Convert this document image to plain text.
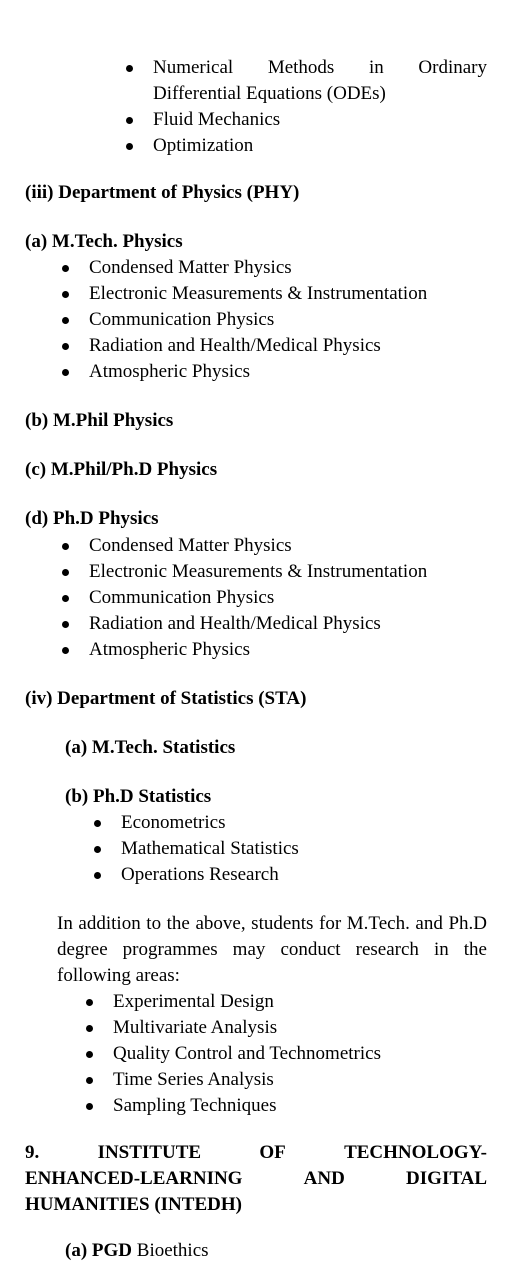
Numerical Methods in Ordinary Differential Equations (ODEs)
Fluid Mechanics
Optimization
(iii) Department of Physics (PHY)
(a) M.Tech. Physics
Condensed Matter Physics
Electronic Measurements & Instrumentation
Communication Physics
Radiation and Health/Medical Physics
Atmospheric Physics
(b) M.Phil Physics
(c) M.Phil/Ph.D Physics
(d) Ph.D Physics
Condensed Matter Physics
Electronic Measurements & Instrumentation
Communication Physics
Radiation and Health/Medical Physics
Atmospheric Physics
(iv) Department of Statistics (STA)
(a) M.Tech. Statistics
(b) Ph.D Statistics
Econometrics
Mathematical Statistics
Operations Research
In addition to the above, students for M.Tech. and Ph.D degree programmes may conduct research in the following areas:
Experimental Design
Multivariate Analysis
Quality Control and Technometrics
Time Series Analysis
Sampling Techniques
9.	INSTITUTE	OF	TECHNOLOGY-
ENHANCED-LEARNING	AND	DIGITAL
HUMANITIES (INTEDH)
(a) PGD Bioethics
